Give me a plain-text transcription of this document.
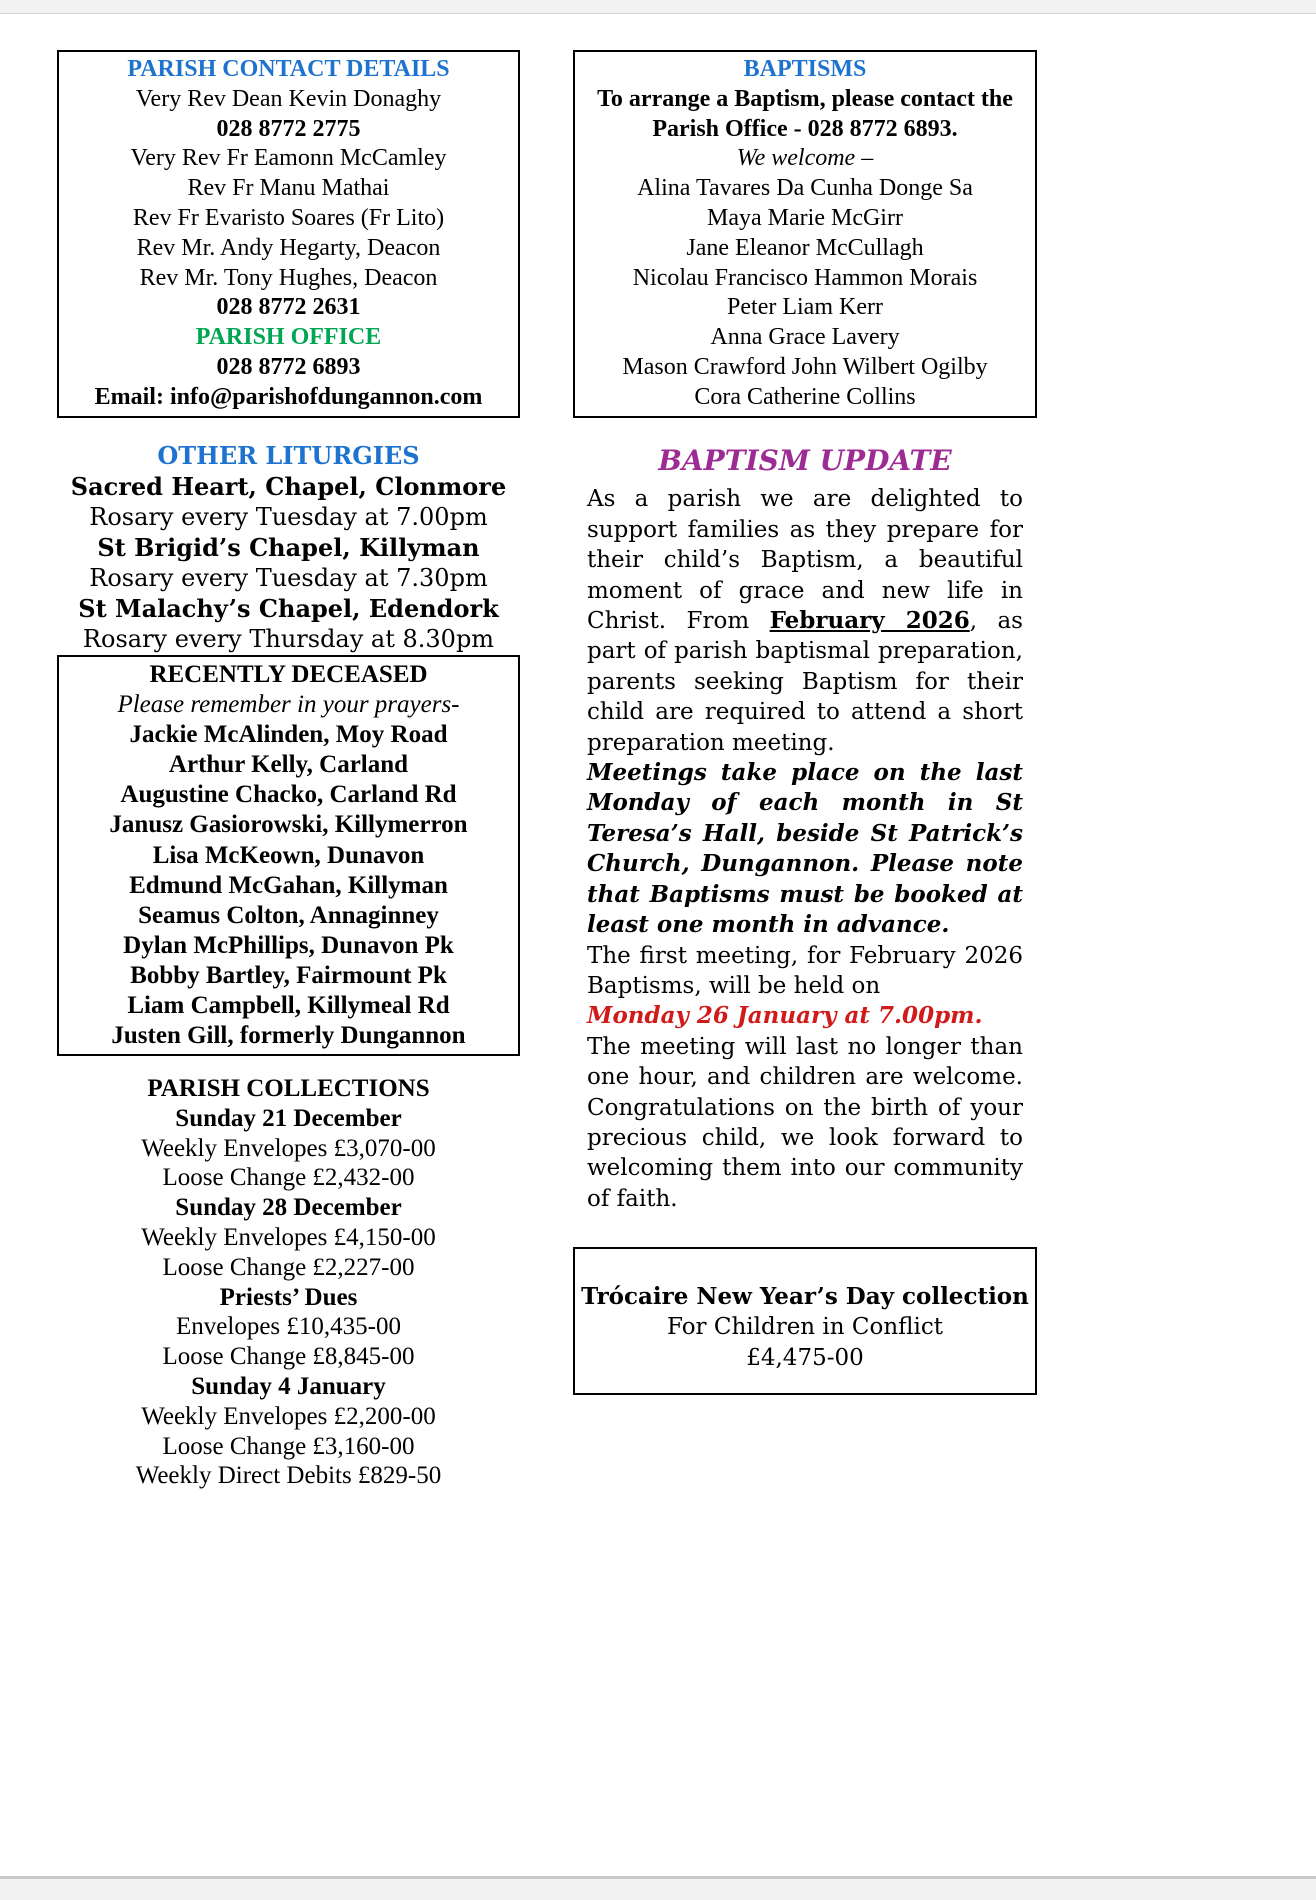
PARISH CONTACT DETAILS
Very Rev Dean Kevin Donaghy
028 8772 2775
Very Rev Fr Eamonn McCamley
Rev Fr Manu Mathai
Rev Fr Evaristo Soares (Fr Lito)
Rev Mr. Andy Hegarty, Deacon
Rev Mr. Tony Hughes, Deacon
028 8772 2631
PARISH OFFICE
028 8772 6893
Email: info@parishofdungannon.com
OTHER LITURGIES
Sacred Heart, Chapel, Clonmore
Rosary every Tuesday at 7.00pm
St Brigid’s Chapel, Killyman
Rosary every Tuesday at 7.30pm
St Malachy’s Chapel, Edendork
Rosary every Thursday at 8.30pm
RECENTLY DECEASED
Please remember in your prayers-
Jackie McAlinden, Moy Road
Arthur Kelly, Carland
Augustine Chacko, Carland Rd
Janusz Gasiorowski, Killymerron
Lisa McKeown, Dunavon
Edmund McGahan, Killyman
Seamus Colton, Annaginney
Dylan McPhillips, Dunavon Pk
Bobby Bartley, Fairmount Pk
Liam Campbell, Killymeal Rd
Justen Gill, formerly Dungannon
PARISH COLLECTIONS
Sunday 21 December
Weekly Envelopes £3,070-00
Loose Change £2,432-00
Sunday 28 December
Weekly Envelopes £4,150-00
Loose Change £2,227-00
Priests’ Dues
Envelopes £10,435-00
Loose Change £8,845-00
Sunday 4 January
Weekly Envelopes £2,200-00
Loose Change £3,160-00
Weekly Direct Debits £829-50
BAPTISMS
To arrange a Baptism, please contact the Parish Office - 028 8772 6893.
We welcome –
Alina Tavares Da Cunha Donge Sa
Maya Marie McGirr
Jane Eleanor McCullagh
Nicolau Francisco Hammon Morais
Peter Liam Kerr
Anna Grace Lavery
Mason Crawford John Wilbert Ogilby
Cora Catherine Collins
BAPTISM UPDATE

As a parish we are delighted to support families as they prepare for their child’s Baptism, a beautiful moment of grace and new life in Christ. From February 2026, as part of parish baptismal preparation, parents seeking Baptism for their child are required to attend a short preparation meeting.

Meetings take place on the last Monday of each month in St Teresa’s Hall, beside St Patrick’s Church, Dungannon. Please note that Baptisms must be booked at least one month in advance.

The first meeting, for February 2026 Baptisms, will be held on

Monday 26 January at 7.00pm.

The meeting will last no longer than one hour, and children are welcome. Congratulations on the birth of your precious child, we look forward to welcoming them into our community of faith.

Trócaire New Year’s Day collection
For Children in Conflict
£4,475-00
